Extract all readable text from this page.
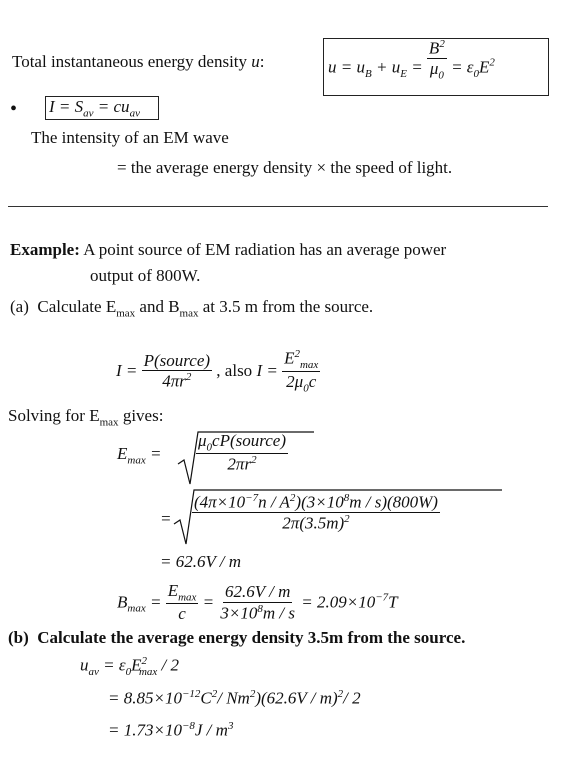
Total instantaneous energy density u:	$u = u_B + u_E = \frac{B^2}{\mu_0} = \varepsilon_0E^2$
• $I = S_{av} = cu_{av}$
The intensity of an EM wave
= the average energy density × the speed of light.
Example: A point source of EM radiation has an average power
output of 800W.
(a) Calculate $E_{max}$ and $B_{max}$ at 3.5 m from the source.
$I = \frac{\text{P(source)}}{4\pi r^2}$ , also $I = \frac{E^2_{max}}{2\mu_0c}$
Solving for $E_{max}$ gives:
$E_{max}$ =	$\frac{\mu_0cP(source)}{2\pi r^2}$
= $\frac{(4\pi\times 10^{-7}n / A^2)(3\times 10^8m / s)(800W)}{2\pi(3.5m)^2}$
= 62.6V / m
$B_{max} = \frac{E_{max}}{c} = \frac{62.6V / m}{3\times 10^8m / s} = 2.09\times 10^{-7}T$
(b) Calculate the average energy density 3.5m from the source.
$u_{av} = \varepsilon_0E^2_{max} / 2$
= $8.85\times 10^{-12}C^2/$ Nm$^2$)(62.6V / m)$^2$/ 2
= $1.73\times 10^{-8}J / m^3$
